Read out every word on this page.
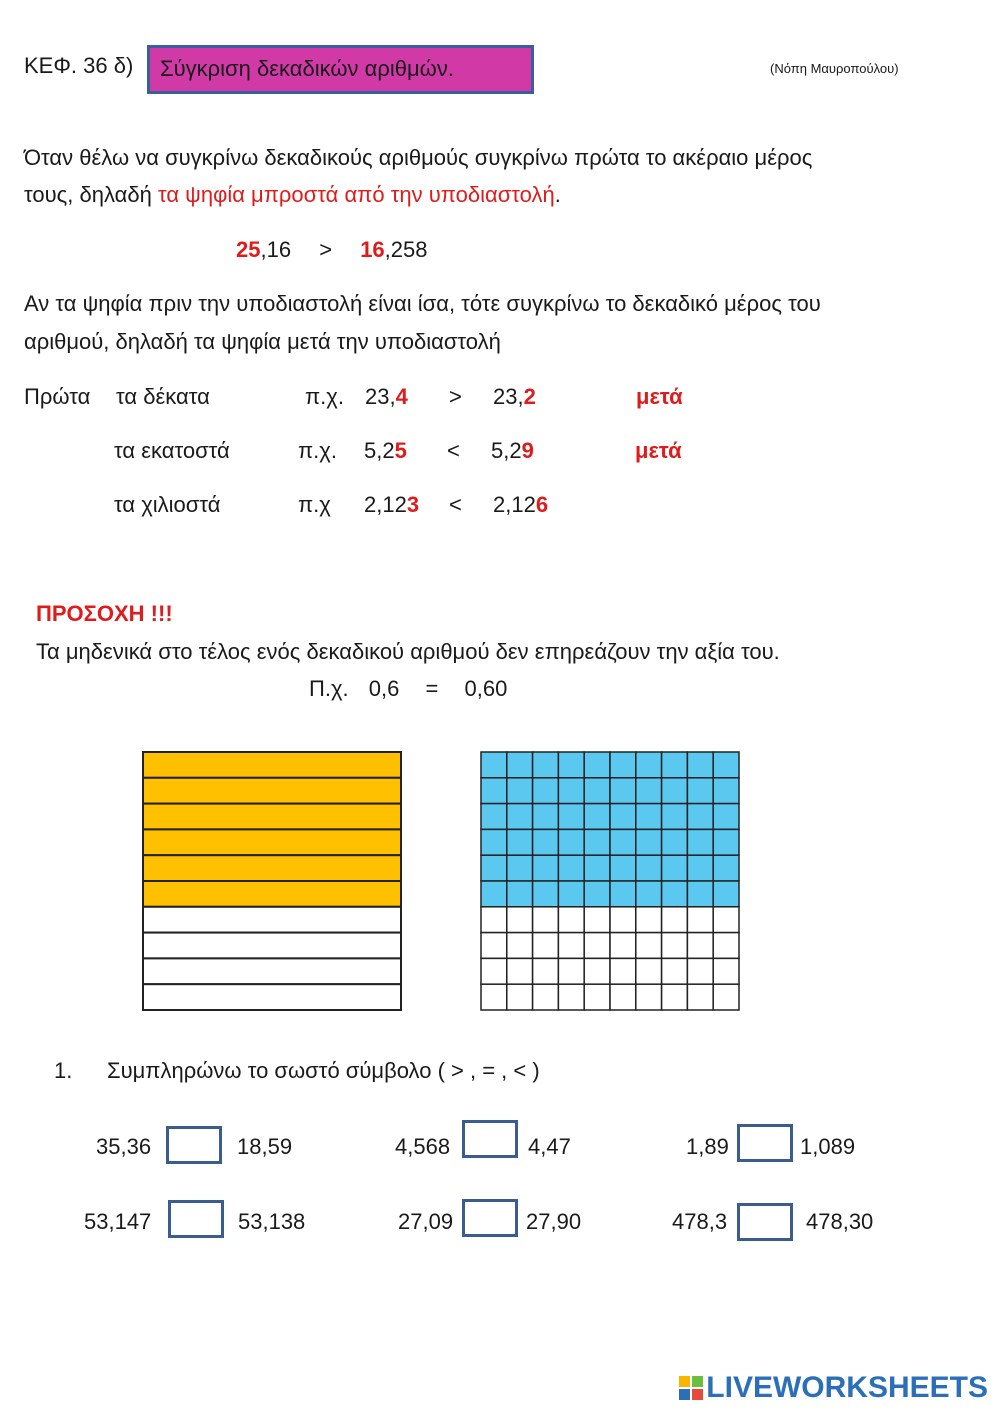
ΚΕΦ. 36 δ) Σύγκριση δεκαδικών αριθμών.	(Νόπη Μαυροπούλου)
Όταν θέλω να συγκρίνω δεκαδικούς αριθμούς συγκρίνω πρώτα το ακέραιο μέρος
τους, δηλαδή τα ψηφία μπροστά από την υποδιαστολή.
25,16 > 16,258
Αν τα ψηφία πριν την υποδιαστολή είναι ίσα, τότε συγκρίνω το δεκαδικό μέρος του
αριθμού, δηλαδή τα ψηφία μετά την υποδιαστολή
Πρώτα τα δέκατα	π.χ. 23,4 > 23,2	μετά
τα εκατοστά	π.χ. 5,25 < 5,29	μετά
τα χιλιοστά	π.χ 2,123 < 2,126
ΠΡΟΣΟΧΗ !!!
Τα μηδενικά στο τέλος ενός δεκαδικού αριθμού δεν επηρεάζουν την αξία του.
Π.χ. 0,6 = 0,60
1. Συμπληρώνω το σωστό σύμβολο ( > , = , < )
35,36	18,59	4,568	4,47	1,89	1,089
53,147	53,138	27,09	27,90	478,3	478,30
LIVEWORKSHEETS
